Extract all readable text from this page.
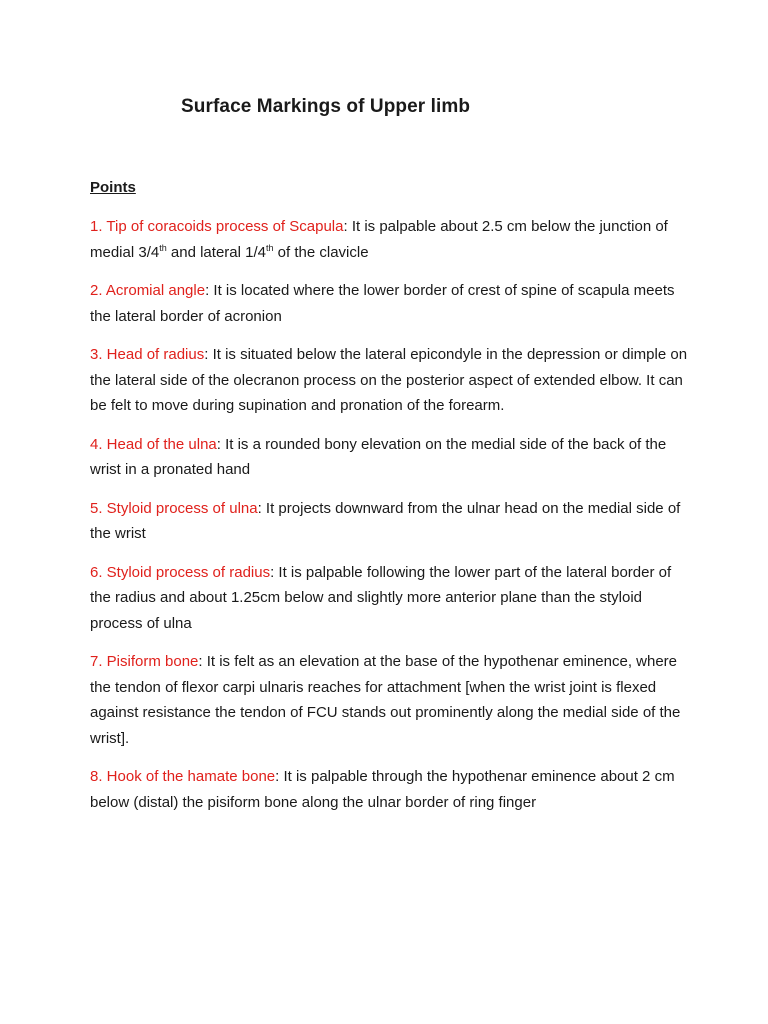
Surface Markings of Upper limb
Points
1. Tip of coracoids process of Scapula: It is palpable about 2.5 cm below the junction of medial 3/4th and lateral 1/4th of the clavicle
2. Acromial angle: It is located where the lower border of crest of spine of scapula meets the lateral border of acronion
3. Head of radius: It is situated below the lateral epicondyle in the depression or dimple on the lateral side of the olecranon process on the posterior aspect of extended elbow. It can be felt to move during supination and pronation of the forearm.
4. Head of the ulna: It is a rounded bony elevation on the medial side of the back of the wrist in a pronated hand
5. Styloid process of ulna: It projects downward from the ulnar head on the medial side of the wrist
6. Styloid process of radius: It is palpable following the lower part of the lateral border of the radius and about 1.25cm below and slightly more anterior plane than the styloid process of ulna
7. Pisiform bone: It is felt as an elevation at the base of the hypothenar eminence, where the tendon of flexor carpi ulnaris reaches for attachment [when the wrist joint is flexed against resistance the tendon of FCU stands out prominently along the medial side of the wrist].
8. Hook of the hamate bone: It is palpable through the hypothenar eminence about 2 cm below (distal) the pisiform bone along the ulnar border of ring finger
